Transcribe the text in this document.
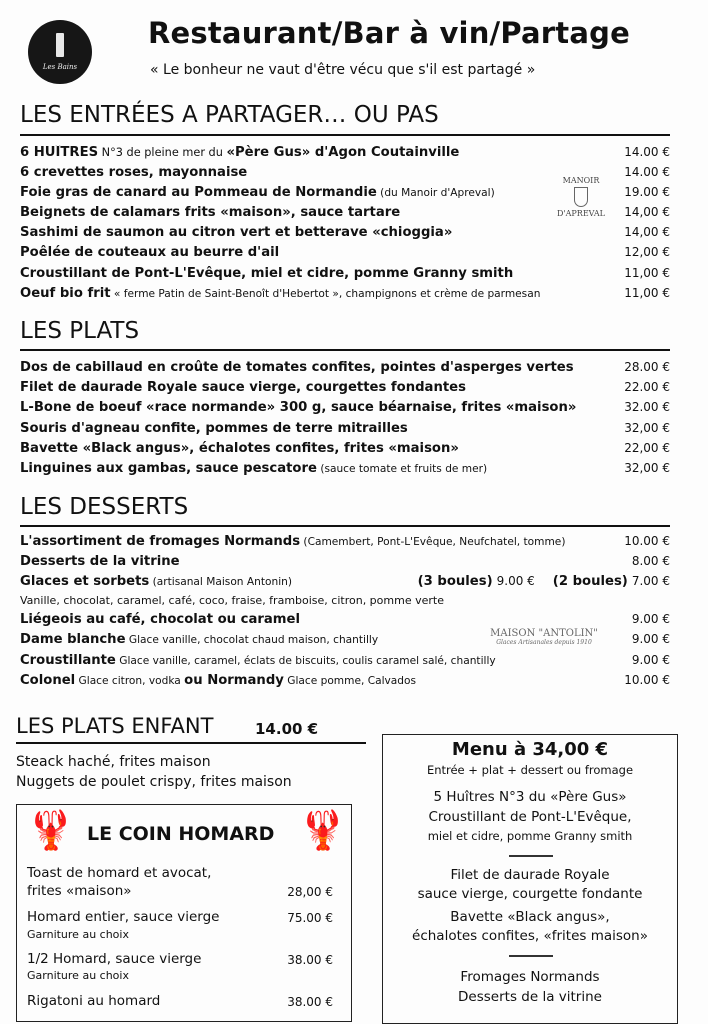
Les Bains
Restaurant/Bar à vin/Partage
« Le bonheur ne vaut d'être vécu que s'il est partagé »
LES ENTRÉES A PARTAGER… OU PAS
6 HUÎTRES N°3 de pleine mer du «Père Gus» d'Agon Coutainville	14.00 €
6 crevettes roses, mayonnaise	14.00 €
Foie gras de canard au Pommeau de Normandie (du Manoir d'Apreval)	19.00 €
Beignets de calamars frits «maison», sauce tartare	14,00 €
Sashimi de saumon au citron vert et betterave «chioggia»	14,00 €
Poêlée de couteaux au beurre d'ail	12,00 €
Croustillant de Pont-L'Evêque, miel et cidre, pomme Granny smith	11,00 €
Oeuf bio frit « ferme Patin de Saint-Benoît d'Hebertot », champignons et crème de parmesan	11,00 €
MANOIR
D'APREVAL
LES PLATS
Dos de cabillaud en croûte de tomates confites, pointes d'asperges vertes	28.00 €
Filet de daurade Royale sauce vierge, courgettes fondantes	22.00 €
L-Bone de boeuf «race normande» 300 g, sauce béarnaise, frites «maison»	32.00 €
Souris d'agneau confite, pommes de terre mitrailles	32,00 €
Bavette «Black angus», échalotes confites, frites «maison»	22,00 €
Linguines aux gambas, sauce pescatore (sauce tomate et fruits de mer)	32,00 €
LES DESSERTS
L'assortiment de fromages Normands (Camembert, Pont-L'Evêque, Neufchatel, tomme)	10.00 €
Desserts de la vitrine	8.00 €
Glaces et sorbets (artisanal Maison Antonin)	(3 boules) 9.00 € (2 boules) 7.00 €
Vanille, chocolat, caramel, café, coco, fraise, framboise, citron, pomme verte
Liégeois au café, chocolat ou caramel	9.00 €
Dame blanche Glace vanille, chocolat chaud maison, chantilly	9.00 €
Croustillante Glace vanille, caramel, éclats de biscuits, coulis caramel salé, chantilly	9.00 €
Colonel Glace citron, vodka ou Normandy Glace pomme, Calvados	10.00 €
MAISON "ANTOLIN"
Glaces Artisanales depuis 1910
LES PLATS ENFANT	14.00 €
Steack haché, frites maison
Nuggets de poulet crispy, frites maison
🦞	🦞
LE COIN HOMARD
Toast de homard et avocat,
frites «maison»	28,00 €
Homard entier, sauce vierge	75.00 €
Garniture au choix
1/2 Homard, sauce vierge	38.00 €
Garniture au choix
Rigatoni au homard	38.00 €
Menu à 34,00 €
Entrée + plat + dessert ou fromage
5 Huîtres N°3 du «Père Gus»
Croustillant de Pont-L'Evêque,
miel et cidre, pomme Granny smith
Filet de daurade Royale
sauce vierge, courgette fondante
Bavette «Black angus»,
échalotes confites, «frites maison»
Fromages Normands
Desserts de la vitrine
